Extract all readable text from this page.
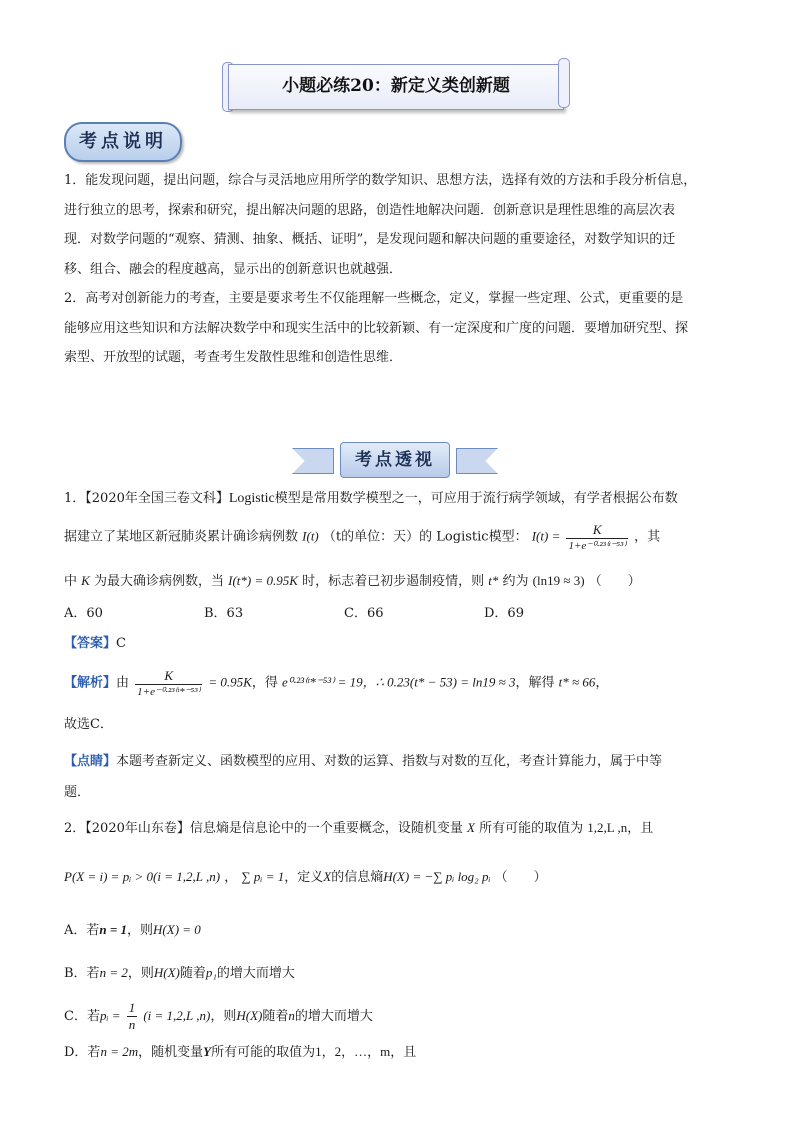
小题必练20：新定义类创新题
考点说明
1．能发现问题，提出问题，综合与灵活地应用所学的数学知识、思想方法，选择有效的方法和手段分析信息，
进行独立的思考，探索和研究，提出解决问题的思路，创造性地解决问题．创新意识是理性思维的高层次表
现．对数学问题的“观察、猜测、抽象、概括、证明”，是发现问题和解决问题的重要途径，对数学知识的迁
移、组合、融会的程度越高，显示出的创新意识也就越强．
2．高考对创新能力的考查，主要是要求考生不仅能理解一些概念，定义，掌握一些定理、公式，更重要的是
能够应用这些知识和方法解决数学中和现实生活中的比较新颖、有一定深度和广度的问题．要增加研究型、探
索型、开放型的试题，考查考生发散性思维和创造性思维．
考点透视
1．【2020年全国三卷文科】Logistic模型是常用数学模型之一，可应用于流行病学领域，有学者根据公布数
据建立了某地区新冠肺炎累计确诊病例数 I(t) （t的单位：天）的 Logistic模型： $I(t) = \frac{K}{\text{1+e⁻⁰·²³⁽ᵗ⁻⁵³⁾}}$ ，其
中 K 为最大确诊病例数，当 I(t*) = 0.95K 时，标志着已初步遏制疫情，则 t* 约为 (ln19 ≈ 3) （　　）
A．60	B．63	C．66	D．69
【答案】C
【解析】由 $\frac{K}{\text{1+e⁻⁰·²³⁽ᵗ*⁻⁵³⁾}} = 0.95K$，得 e⁰·²³⁽ᵗ*⁻⁵³⁾ = 19，∴ 0.23(t* − 53) = ln19 ≈ 3，解得 t* ≈ 66，
故选C．
【点睛】本题考查新定义、函数模型的应用、对数的运算、指数与对数的互化，考查计算能力，属于中等
题．
2．【2020年山东卷】信息熵是信息论中的一个重要概念，设随机变量 X 所有可能的取值为 1,2,L ,n，且
P(X = i) = pᵢ > 0(i = 1,2,L ,n) ， ∑ pᵢ = 1，定义X的信息熵H(X) = −∑ pᵢ log₂ pᵢ （　　）
A．若n = 1，则H(X) = 0
B．若n = 2，则H(X)随着p₁的增大而增大
C．若pᵢ = $\frac{1}{n} (i = 1,2,L$ ,n)，则H(X)随着n的增大而增大
D．若n = 2m，随机变量Y所有可能的取值为1，2，…，m，且
